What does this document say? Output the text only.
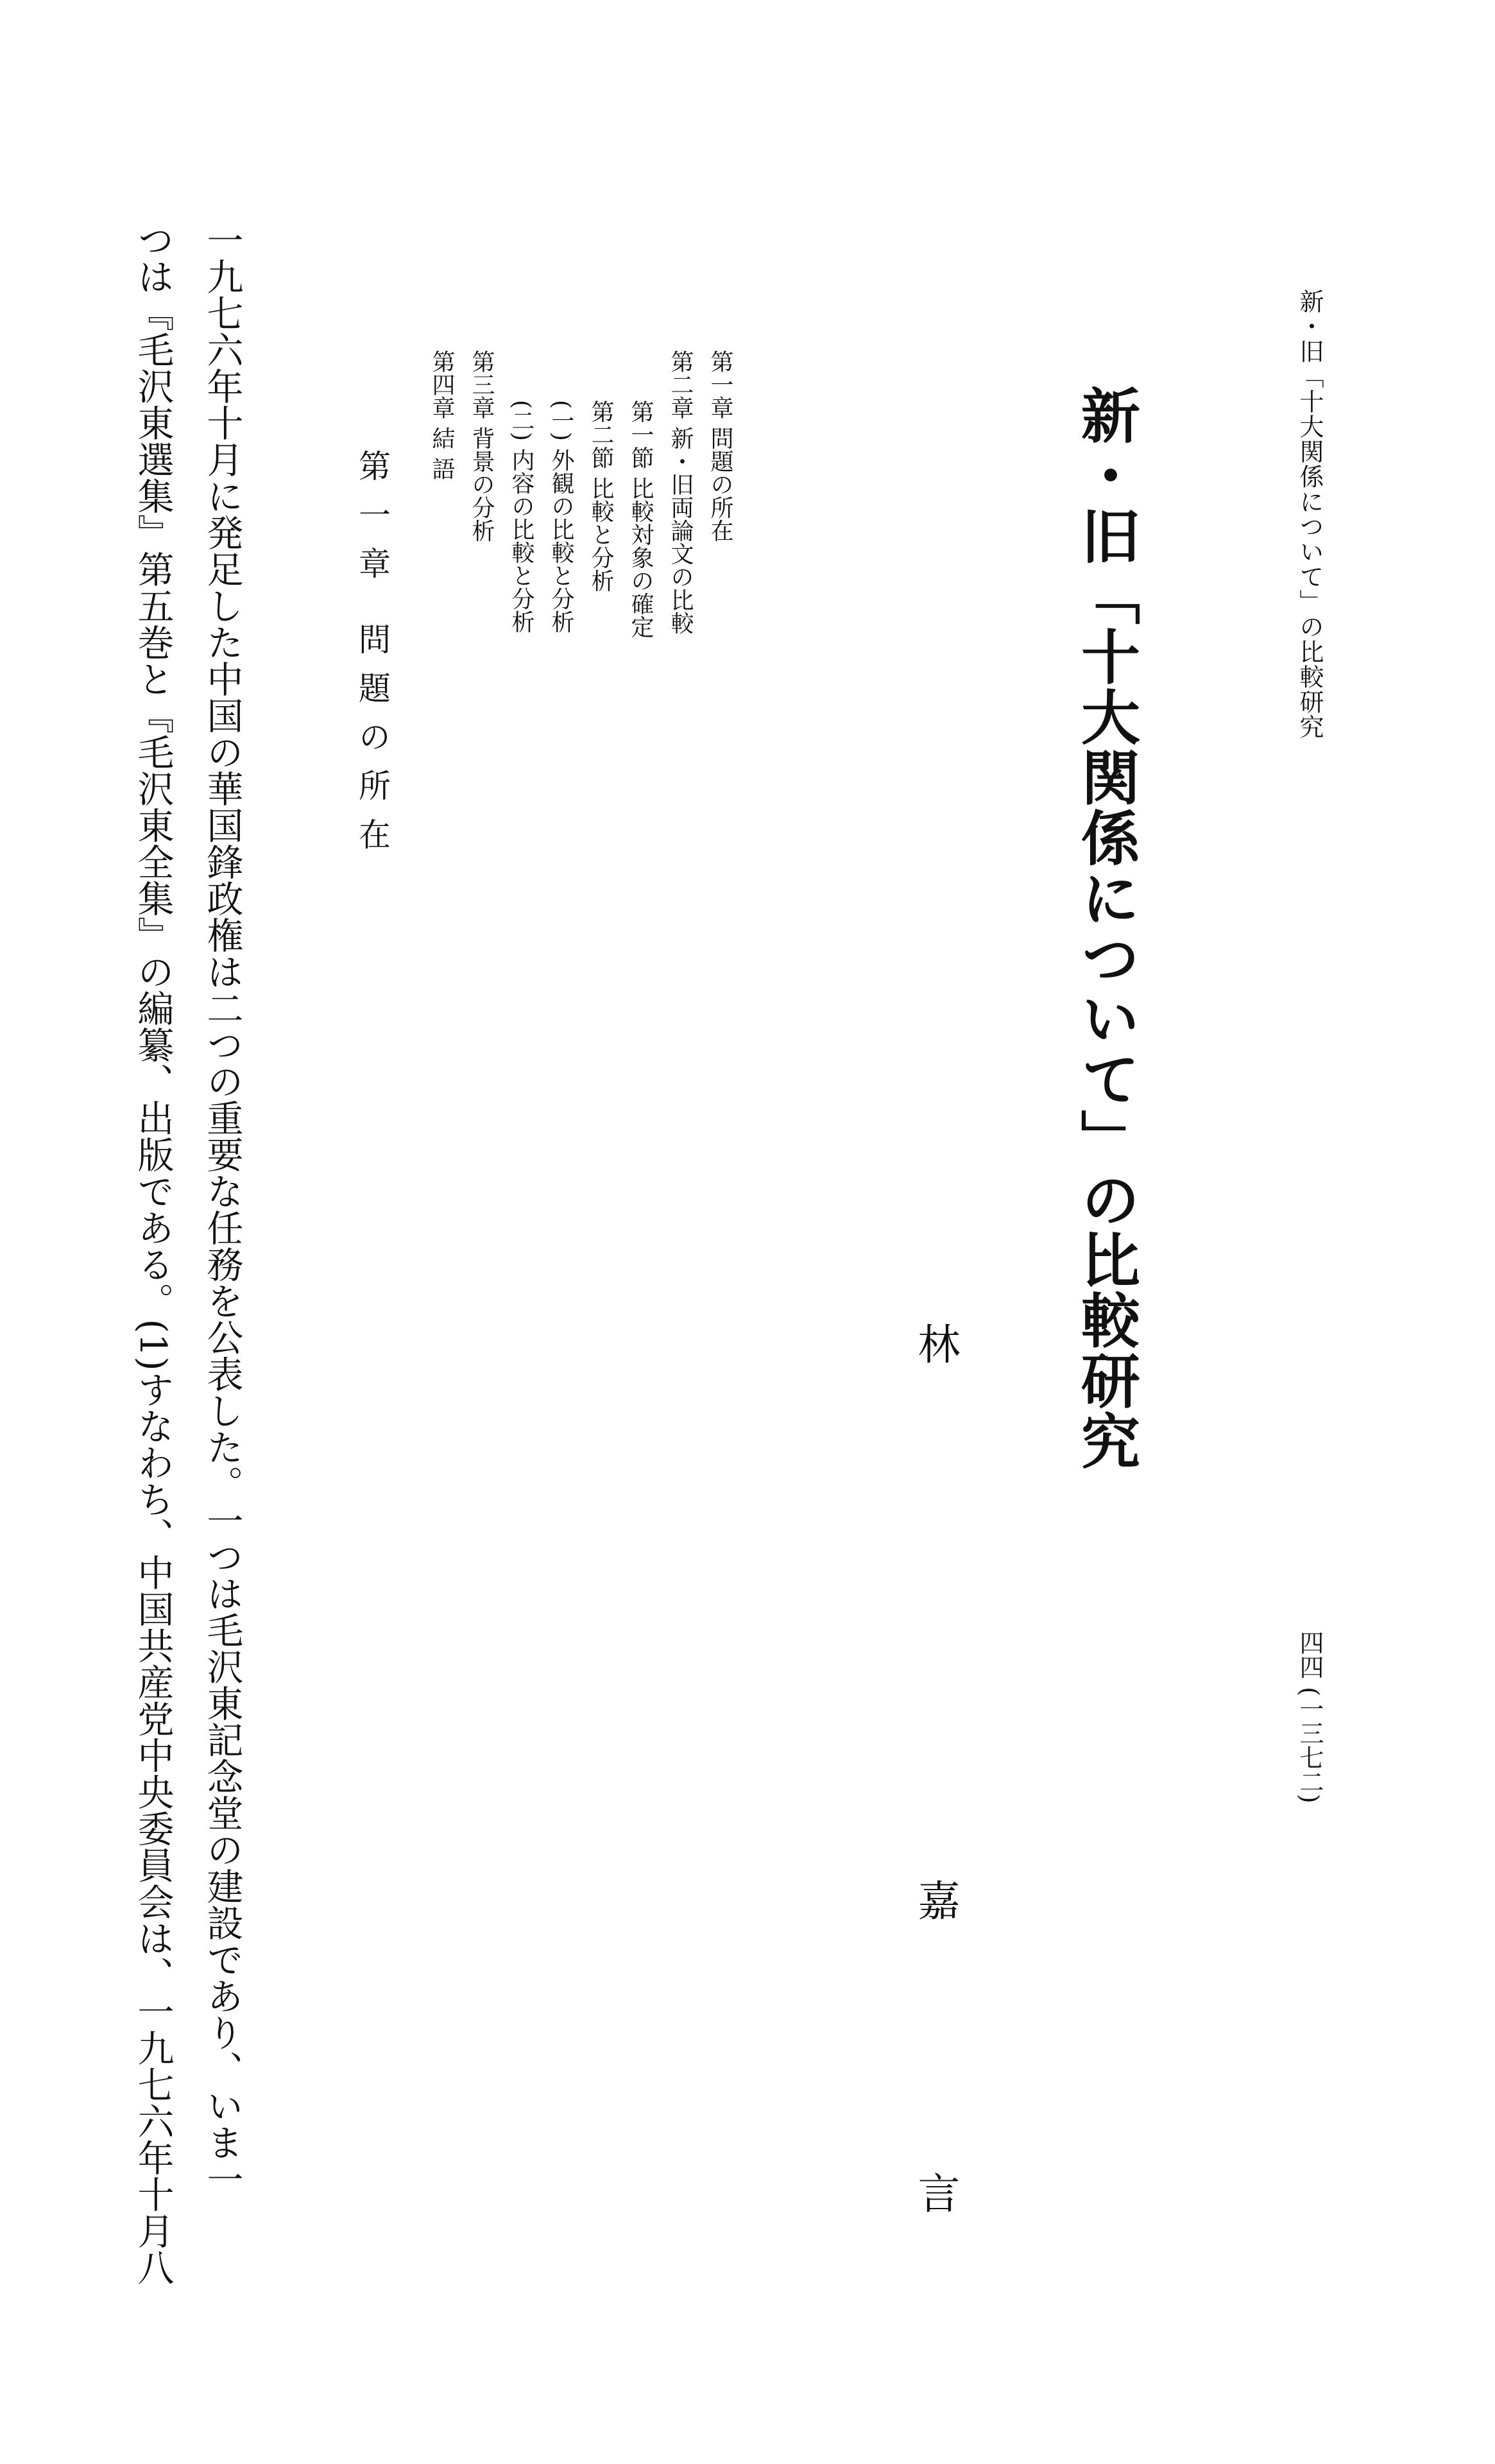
新・旧「十大関係について」の比較研究
四四 (一三七二)
新・旧「十大関係について」の比較研究
林 嘉言
第一章 問題の所在
第二章 新・旧両論文の比較
第一節 比較対象の確定
第二節 比較と分析
(一) 外観の比較と分析
(二) 内容の比較と分析
第三章 背景の分析
第四章 結 語
第一章 問題の所在
一九七六年十月に発足した中国の華国鋒政権は二つの重要な任務を公表した。一つは毛沢東記念堂の建設であり、いま一
つは『毛沢東選集』第五巻と『毛沢東全集』の編纂、出版である。(1)すなわち、中国共産党中央委員会は、一九七六年十月八
